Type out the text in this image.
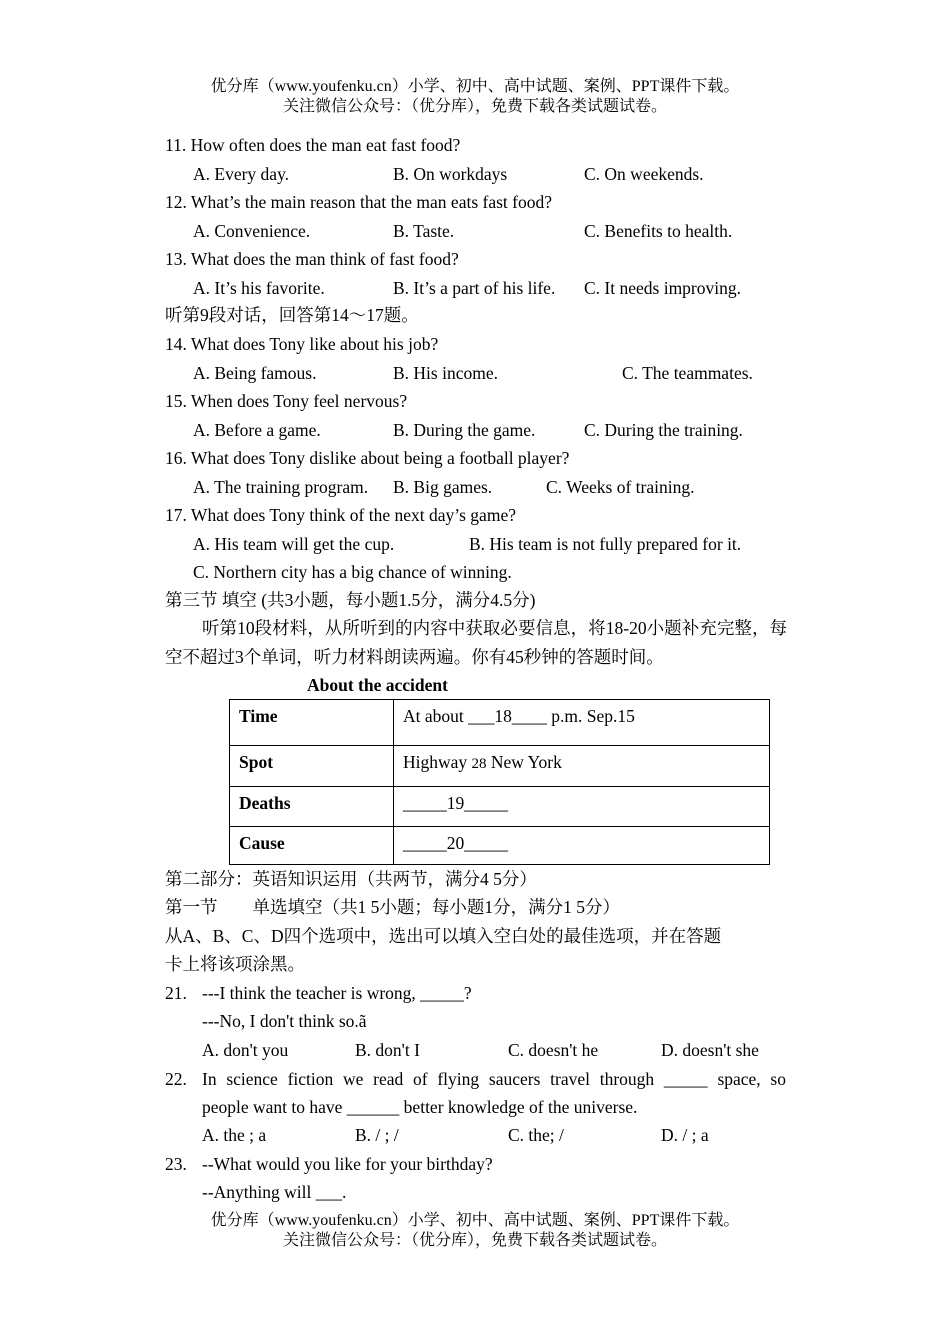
优分库（www.youfenku.cn）小学、初中、高中试题、案例、PPT课件下载。
关注微信公众号：（优分库），免费下载各类试题试卷。
11. How often does the man eat fast food?
A. Every day.	B. On workdays	C. On weekends.
12. What’s the main reason that the man eats fast food?
A. Convenience.	B. Taste.	C. Benefits to health.
13. What does the man think of fast food?
A. It’s his favorite.	B. It’s a part of his life. C. It needs improving.
听第9段对话，回答第14～17题。
14. What does Tony like about his job?
A. Being famous.	B. His income.	C. The teammates.
15. When does Tony feel nervous?
A. Before a game.	B. During the game.	C. During the training.
16. What does Tony dislike about being a football player?
A. The training program. B. Big games.	C. Weeks of training.
17. What does Tony think of the next day’s game?
A. His team will get the cup.	B. His team is not fully prepared for it.
C. Northern city has a big chance of winning.
第三节 填空 (共3小题，每小题1.5分，满分4.5分)
听第10段材料，从所听到的内容中获取必要信息，将18-20小题补充完整，每空不超过3个单词，听力材料朗读两遍。你有45秒钟的答题时间。
About the accident
Time	At about ___18____ p.m. Sep.15
Spot	Highway 28 New York
Deaths	_____19_____
Cause	_____20_____
第二部分：英语知识运用（共两节，满分4 5分）
第一节　　单选填空（共1 5小题；每小题1分，满分1 5分）
从A、B、C、D四个选项中，选出可以填入空白处的最佳选项，并在答题
卡上将该项涂黑。
21. ---I think the teacher is wrong, _____?
---No, I don't think so.ã
A. don't you	B. don't I	C. doesn't he	D. doesn't she
22. In science fiction we read of flying saucers travel through _____ space, so
people want to have ______ better knowledge of the universe.
A. the ; a	B. / ; /	C. the; /	D. / ; a
23. --What would you like for your birthday?
--Anything will ___.
优分库（www.youfenku.cn）小学、初中、高中试题、案例、PPT课件下载。
关注微信公众号：（优分库），免费下载各类试题试卷。
